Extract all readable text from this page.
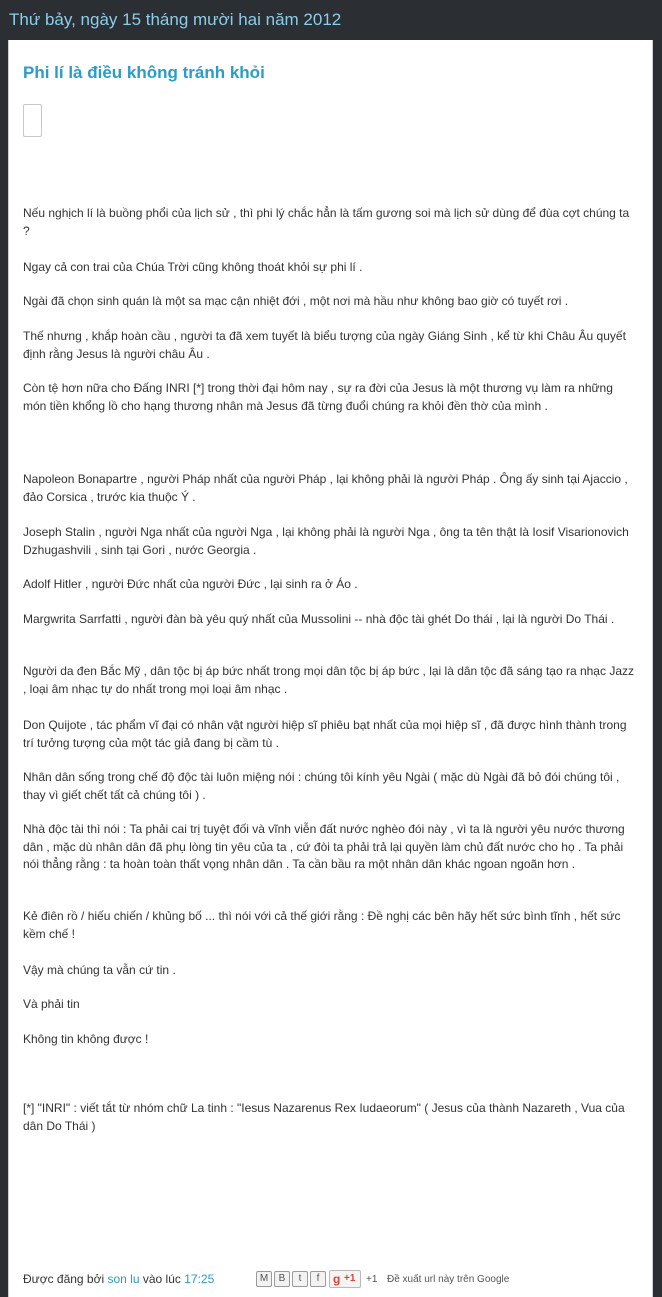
Thứ bảy, ngày 15 tháng mười hai năm 2012
Phi lí là điều không tránh khỏi

Nếu nghịch lí là buồng phổi của lịch sử , thì phi lý chắc hẳn là tấm gương soi mà lịch sử dùng để đùa cợt chúng ta ?

Ngay cả con trai của Chúa Trời cũng không thoát khỏi sự phi lí .

Ngài đã chọn sinh quán là một sa mạc cận nhiệt đới , một nơi mà hầu như không bao giờ có tuyết rơi .

Thế nhưng , khắp hoàn cầu , người ta đã xem tuyết là biểu tượng của ngày Giáng Sinh , kể từ khi Châu Âu quyết định rằng Jesus là người châu Âu .

Còn tệ hơn nữa cho Đấng INRI [*] trong thời đại hôm nay , sự ra đời của Jesus là một thương vụ làm ra những món tiền khổng lồ cho hạng thương nhân mà Jesus đã từng đuổi chúng ra khỏi đền thờ của mình .

Napoleon Bonapartre , người Pháp nhất của người Pháp , lại không phải là người Pháp . Ông ấy sinh tại Ajaccio , đảo Corsica , trước kia thuộc Ý .

Joseph Stalin , người Nga nhất của người Nga , lại không phải là người Nga , ông ta tên thật là Iosif Visarionovich Dzhugashvili , sinh tại Gori , nước Georgia .

Adolf Hitler , người Đức nhất của người Đức , lại sinh ra ở Áo .

Margwrita Sarrfatti , người đàn bà yêu quý nhất của Mussolini -- nhà độc tài ghét Do thái , lại là người Do Thái .

Người da đen Bắc Mỹ , dân tộc bị áp bức nhất trong mọi dân tộc bị áp bức , lại là dân tộc đã sáng tạo ra nhạc Jazz , loại âm nhạc tự do nhất trong mọi loại âm nhạc .

Don Quijote , tác phẩm vĩ đại có nhân vật người hiệp sĩ phiêu bạt nhất của mọi hiệp sĩ , đã được hình thành trong trí tưởng tượng của một tác giả đang bị cầm tù .

Nhân dân sống trong chế độ độc tài luôn miệng nói : chúng tôi kính yêu Ngài ( mặc dù Ngài đã bỏ đói chúng tôi , thay vì giết chết tất cả chúng tôi ) .

Nhà độc tài thì nói : Ta phải cai trị tuyệt đối và vĩnh viễn đất nước nghèo đói này , vì ta là người yêu nước thương dân , mặc dù nhân dân đã phụ lòng tin yêu của ta , cứ đòi ta phải trả lại quyền làm chủ đất nước cho họ . Ta phải nói thẳng rằng : ta hoàn toàn thất vọng nhân dân . Ta cần bầu ra một nhân dân khác ngoan ngoãn hơn .

Kẻ điên rồ / hiếu chiến / khủng bố ... thì nói với cả thế giới rằng : Đề nghị các bên hãy hết sức bình tĩnh , hết sức kềm chế !

Vậy mà chúng ta vẫn cứ tin .

Và phải tin

Không tin không được !

[*] "INRI" : viết tắt từ nhóm chữ La tinh : "Iesus Nazarenus Rex Iudaeorum" ( Jesus của thành Nazareth , Vua của dân Do Thái )

Được đăng bởi son lu vào lúc 17:25	M	B	t	f	g +1 +1 Đề xuất url này trên Google
